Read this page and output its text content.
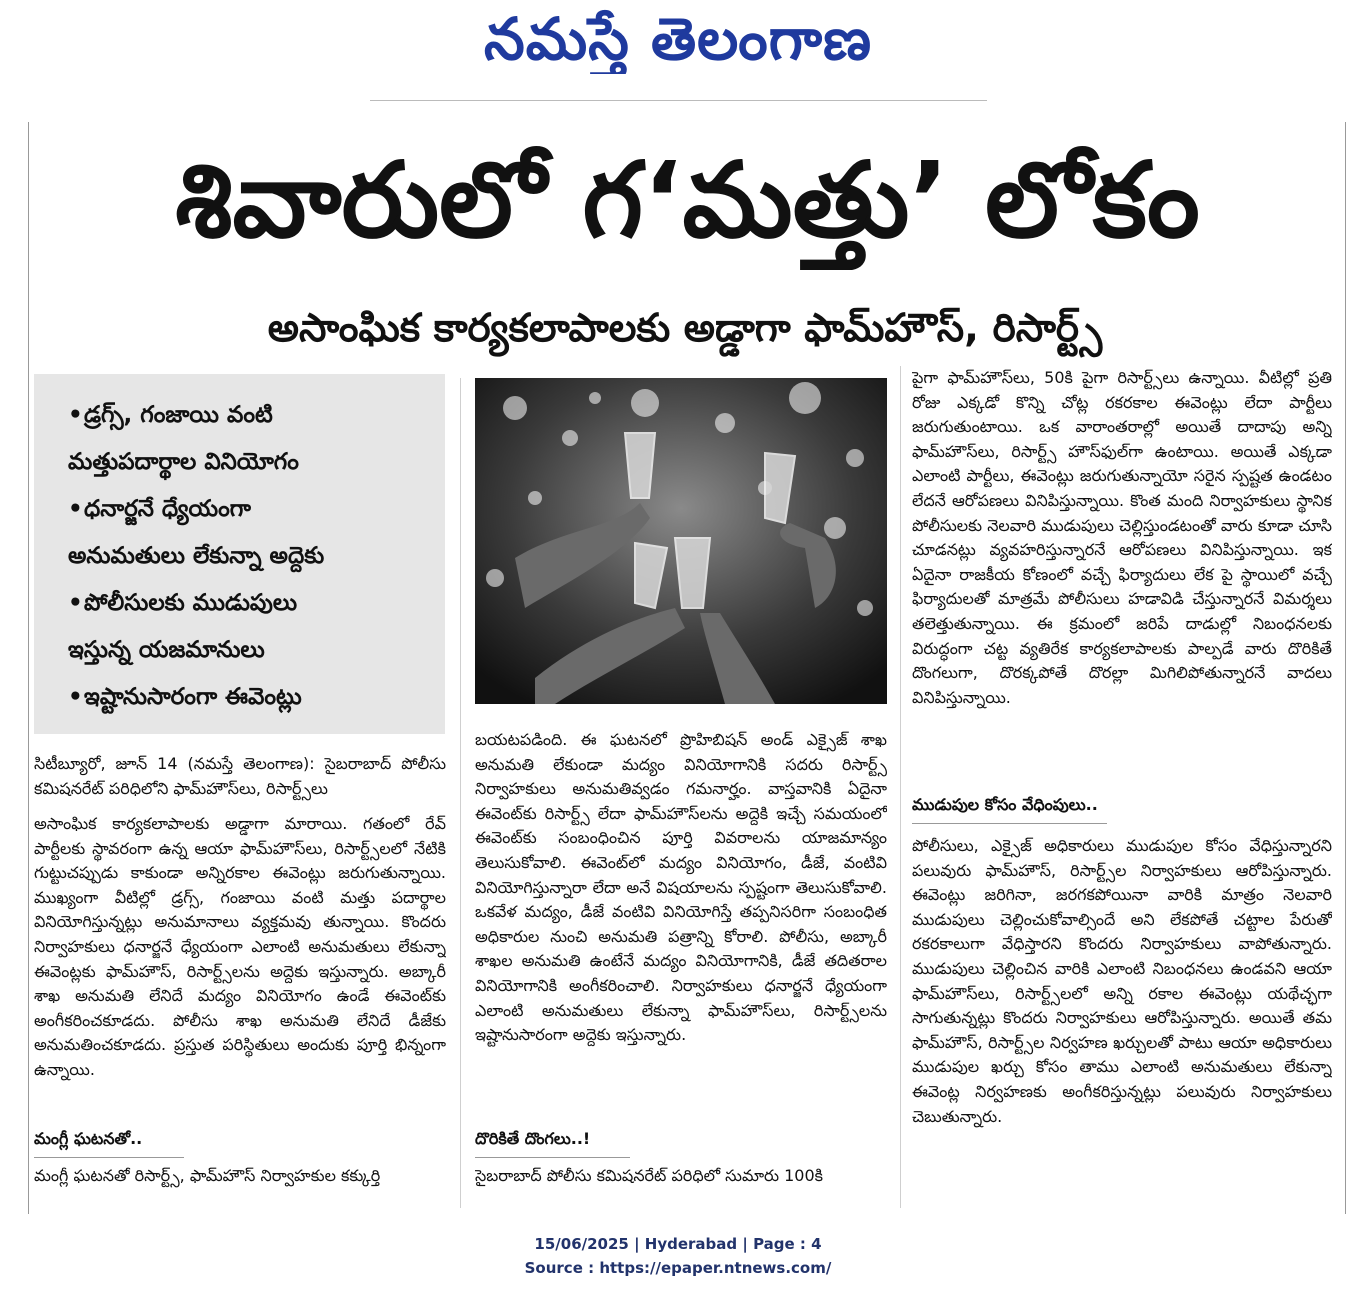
నమస్తే తెలంగాణ
శివారులో గ‘మత్తు’ లోకం
అసాంఘిక కార్యకలాపాలకు అడ్డాగా ఫామ్‌హౌస్, రిసార్ట్స్
•డ్రగ్స్, గంజాయి వంటి
మత్తుపదార్థాల వినియోగం
•ధనార్జనే ధ్యేయంగా
అనుమతులు లేకున్నా అద్దెకు
•పోలీసులకు ముడుపులు
ఇస్తున్న యజమానులు
•ఇష్టానుసారంగా ఈవెంట్లు

సిటీబ్యూరో, జూన్ 14 (నమస్తే తెలంగాణ): సైబరాబాద్ పోలీసు కమిషనరేట్ పరిధిలోని ఫామ్‌హౌస్‌లు, రిసార్ట్స్‌లు

అసాంఘిక కార్యకలాపాలకు అడ్డాగా మారాయి. గతంలో రేవ్ పార్టీలకు స్థావరంగా ఉన్న ఆయా ఫామ్‌హౌస్‌లు, రిసార్ట్స్‌లలో నేటికి గుట్టుచప్పుడు కాకుండా అన్నిరకాల ఈవెంట్లు జరుగుతున్నాయి. ముఖ్యంగా వీటిల్లో డ్రగ్స్, గంజాయి వంటి మత్తు పదార్థాల వినియోగిస్తున్నట్లు అనుమానాలు వ్యక్తమవు తున్నాయి. కొందరు నిర్వాహకులు ధనార్జనే ధ్యేయంగా ఎలాంటి అనుమతులు లేకున్నా ఈవెంట్లకు ఫామ్‌హౌస్, రిసార్ట్స్‌లను అద్దెకు ఇస్తున్నారు. అబ్కారీ శాఖ అనుమతి లేనిదే మద్యం వినియోగం ఉండే ఈవెంట్‌కు అంగీకరించకూడదు. పోలీసు శాఖ అనుమతి లేనిదే డీజేకు అనుమతించకూడదు. ప్రస్తుత పరిస్థితులు అందుకు పూర్తి భిన్నంగా ఉన్నాయి.

మంగ్లీ ఘటనతో..

మంగ్లీ ఘటనతో రిసార్ట్స్, ఫామ్‌హౌస్ నిర్వాహకుల కక్కుర్తి

బయటపడింది. ఈ ఘటనలో ప్రొహిబిషన్ అండ్ ఎక్సైజ్ శాఖ అనుమతి లేకుండా మద్యం వినియోగానికి సదరు రిసార్ట్స్ నిర్వాహకులు అనుమతివ్వడం గమనార్హం. వాస్తవానికి ఏదైనా ఈవెంట్‌కు రిసార్ట్స్ లేదా ఫామ్‌హౌస్‌లను అద్దెకి ఇచ్చే సమయంలో ఈవెంట్‌కు సంబంధించిన పూర్తి వివరాలను యాజమాన్యం తెలుసుకోవాలి. ఈవెంట్‌లో మద్యం వినియోగం, డీజే, వంటివి వినియోగిస్తున్నారా లేదా అనే విషయాలను స్పష్టంగా తెలుసుకోవాలి. ఒకవేళ మద్యం, డీజే వంటివి వినియోగిస్తే తప్పనిసరిగా సంబంధిత అధికారుల నుంచి అనుమతి పత్రాన్ని కోరాలి. పోలీసు, అబ్కారీ శాఖల అనుమతి ఉంటేనే మద్యం వినియోగానికి, డీజే తదితరాల వినియోగానికి అంగీకరించాలి. నిర్వాహకులు ధనార్జనే ధ్యేయంగా ఎలాంటి అనుమతులు లేకున్నా ఫామ్‌హౌస్‌లు, రిసార్ట్స్‌లను ఇష్టానుసారంగా అద్దెకు ఇస్తున్నారు.

దొరికితే దొంగలు..!

సైబరాబాద్ పోలీసు కమిషనరేట్ పరిధిలో సుమారు 100కి

పైగా ఫామ్‌హౌస్‌లు, 50కి పైగా రిసార్ట్స్‌లు ఉన్నాయి. వీటిల్లో ప్రతి రోజు ఎక్కడో కొన్ని చోట్ల రకరకాల ఈవెంట్లు లేదా పార్టీలు జరుగుతుంటాయి. ఒక వారాంతరాల్లో అయితే దాదాపు అన్ని ఫామ్‌హౌస్‌లు, రిసార్ట్స్ హౌస్‌ఫుల్‌గా ఉంటాయి. అయితే ఎక్కడా ఎలాంటి పార్టీలు, ఈవెంట్లు జరుగుతున్నాయో సరైన స్పష్టత ఉండటం లేదనే ఆరోపణలు వినిపిస్తున్నాయి. కొంత మంది నిర్వాహకులు స్థానిక పోలీసులకు నెలవారి ముడుపులు చెల్లిస్తుండటంతో వారు కూడా చూసి చూడనట్లు వ్యవహరిస్తున్నారనే ఆరోపణలు వినిపిస్తున్నాయి. ఇక ఏదైనా రాజకీయ కోణంలో వచ్చే ఫిర్యాదులు లేక పై స్థాయిలో వచ్చే ఫిర్యాదులతో మాత్రమే పోలీసులు హడావిడి చేస్తున్నారనే విమర్శలు తలెత్తుతున్నాయి. ఈ క్రమంలో జరిపే దాడుల్లో నిబంధనలకు విరుద్ధంగా చట్ట వ్యతిరేక కార్యకలాపాలకు పాల్పడే వారు దొరికితే దొంగలుగా, దొరక్కపోతే దొరల్లా మిగిలిపోతున్నారనే వాదలు వినిపిస్తున్నాయి.

ముడుపుల కోసం వేధింపులు..

పోలీసులు, ఎక్సైజ్ అధికారులు ముడుపుల కోసం వేధిస్తున్నారని పలువురు ఫామ్‌హౌస్, రిసార్ట్స్‌ల నిర్వాహకులు ఆరోపిస్తున్నారు. ఈవెంట్లు జరిగినా, జరగకపోయినా వారికి మాత్రం నెలవారి ముడుపులు చెల్లించుకోవాల్సిందే అని లేకపోతే చట్టాల పేరుతో రకరకాలుగా వేధిస్తారని కొందరు నిర్వాహకులు వాపోతున్నారు. ముడుపులు చెల్లించిన వారికి ఎలాంటి నిబంధనలు ఉండవని ఆయా ఫామ్‌హౌస్‌లు, రిసార్ట్స్‌లలో అన్ని రకాల ఈవెంట్లు యథేచ్ఛగా సాగుతున్నట్లు కొందరు నిర్వాహకులు ఆరోపిస్తున్నారు. అయితే తమ ఫామ్‌హౌస్, రిసార్ట్స్‌ల నిర్వహణ ఖర్చులతో పాటు ఆయా అధికారులు ముడుపుల ఖర్చు కోసం తాము ఎలాంటి అనుమతులు లేకున్నా ఈవెంట్ల నిర్వహణకు అంగీకరిస్తున్నట్లు పలువురు నిర్వాహకులు చెబుతున్నారు.

15/06/2025 | Hyderabad | Page : 4
Source : https://epaper.ntnews.com/
